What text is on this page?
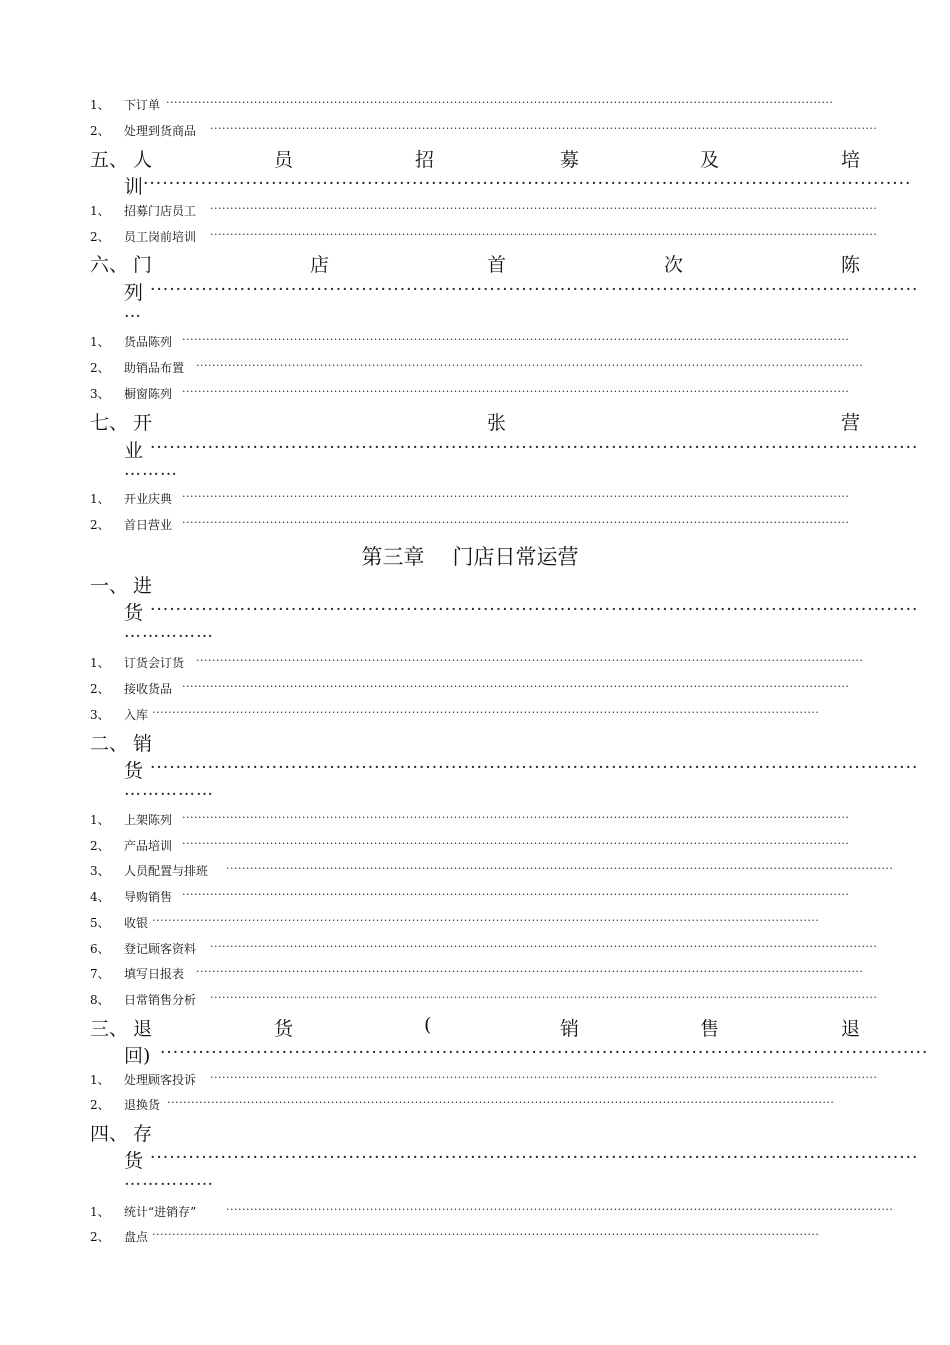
1、 下订单 ·······································································································································································
2、 处理到货商品 ·······································································································································································
五、 人	员	招	募	及	培
训 ························································································································
1、 招募门店员工 ·······································································································································································
2、 员工岗前培训 ·······································································································································································
六、 门	店	首	次	陈
列 ························································································································
…
1、 货品陈列 ·······································································································································································
2、 助销品布置 ·······································································································································································
3、 橱窗陈列 ·······································································································································································
七、 开	张	营
业 ························································································································
………
1、 开业庆典 ·······································································································································································
2、 首日营业 ·······································································································································································
第三章 门店日常运营
一、 进
货 ························································································································
……………
1、 订货会订货 ·······································································································································································
2、 接收货品 ·······································································································································································
3、 入库 ·······································································································································································
二、 销
货 ························································································································
……………
1、 上架陈列 ·······································································································································································
2、 产品培训 ·······································································································································································
3、 人员配置与排班 ·······································································································································································
4、 导购销售 ·······································································································································································
5、 收银 ·······································································································································································
6、 登记顾客资料 ·······································································································································································
7、 填写日报表 ·······································································································································································
8、 日常销售分析 ·······································································································································································
三、 退	货	(	销	售	退
回) ························································································································
1、 处理顾客投诉 ·······································································································································································
2、 退换货 ·······································································································································································
四、 存
货 ························································································································
……………
1、 统计“进销存”	·······································································································································································
2、 盘点 ·······································································································································································
